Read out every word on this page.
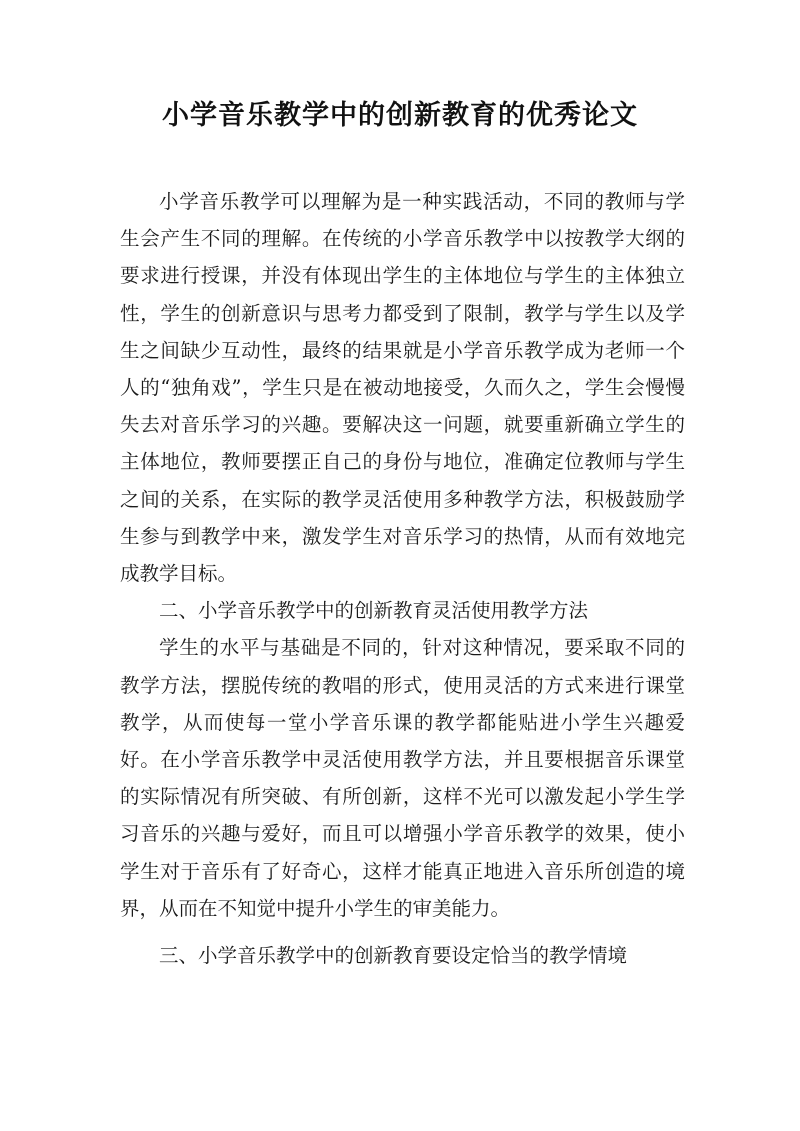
小学音乐教学中的创新教育的优秀论文

小学音乐教学可以理解为是一种实践活动，不同的教师与学生会产生不同的理解。在传统的小学音乐教学中以按教学大纲的要求进行授课，并没有体现出学生的主体地位与学生的主体独立性，学生的创新意识与思考力都受到了限制，教学与学生以及学生之间缺少互动性，最终的结果就是小学音乐教学成为老师一个人的“独角戏”，学生只是在被动地接受，久而久之，学生会慢慢失去对音乐学习的兴趣。要解决这一问题，就要重新确立学生的主体地位，教师要摆正自己的身份与地位，准确定位教师与学生之间的关系，在实际的教学灵活使用多种教学方法，积极鼓励学生参与到教学中来，激发学生对音乐学习的热情，从而有效地完成教学目标。

二、小学音乐教学中的创新教育灵活使用教学方法

学生的水平与基础是不同的，针对这种情况，要采取不同的教学方法，摆脱传统的教唱的形式，使用灵活的方式来进行课堂教学，从而使每一堂小学音乐课的教学都能贴进小学生兴趣爱好。在小学音乐教学中灵活使用教学方法，并且要根据音乐课堂的实际情况有所突破、有所创新，这样不光可以激发起小学生学习音乐的兴趣与爱好，而且可以增强小学音乐教学的效果，使小学生对于音乐有了好奇心，这样才能真正地进入音乐所创造的境界，从而在不知觉中提升小学生的审美能力。

三、小学音乐教学中的创新教育要设定恰当的教学情境
